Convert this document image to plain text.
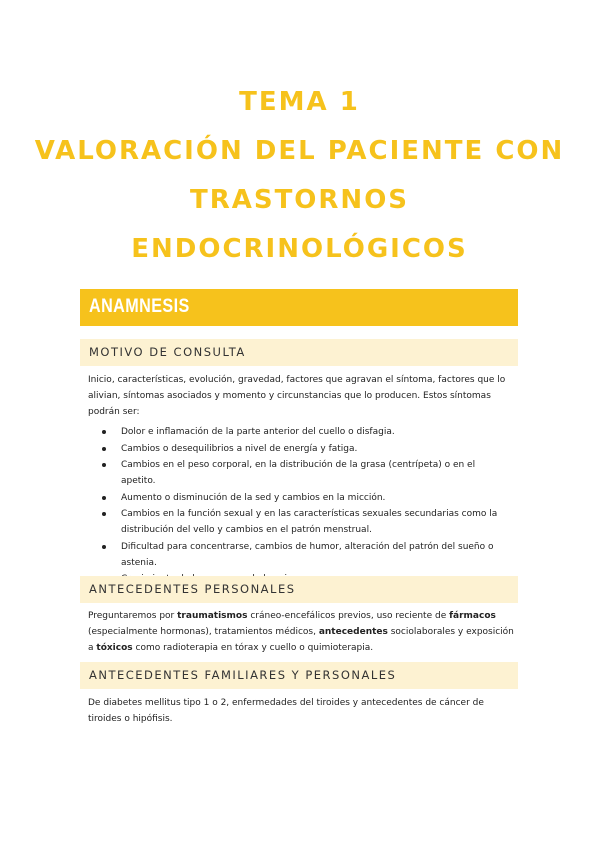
TEMA 1
VALORACIÓN DEL PACIENTE CON
TRASTORNOS
ENDOCRINOLÓGICOS
ANAMNESIS
MOTIVO DE CONSULTA
Inicio, características, evolución, gravedad, factores que agravan el síntoma, factores que lo alivian, síntomas asociados y momento y circunstancias que lo producen. Estos síntomas podrán ser:
Dolor e inflamación de la parte anterior del cuello o disfagia.
Cambios o desequilibrios a nivel de energía y fatiga.
Cambios en el peso corporal, en la distribución de la grasa (centrípeta) o en el apetito.
Aumento o disminución de la sed y cambios en la micción.
Cambios en la función sexual y en las características sexuales secundarias como la distribución del vello y cambios en el patrón menstrual.
Dificultad para concentrarse, cambios de humor, alteración del patrón del sueño o astenia.
ANTECEDENTES PERSONALES
Preguntaremos por traumatismos cráneo-encefálicos previos, uso reciente de fármacos (especialmente hormonas), tratamientos médicos, antecedentes sociolaborales y exposición a tóxicos como radioterapia en tórax y cuello o quimioterapia.
ANTECEDENTES FAMILIARES Y PERSONALES
De diabetes mellitus tipo 1 o 2, enfermedades del tiroides y antecedentes de cáncer de tiroides o hipófisis.
